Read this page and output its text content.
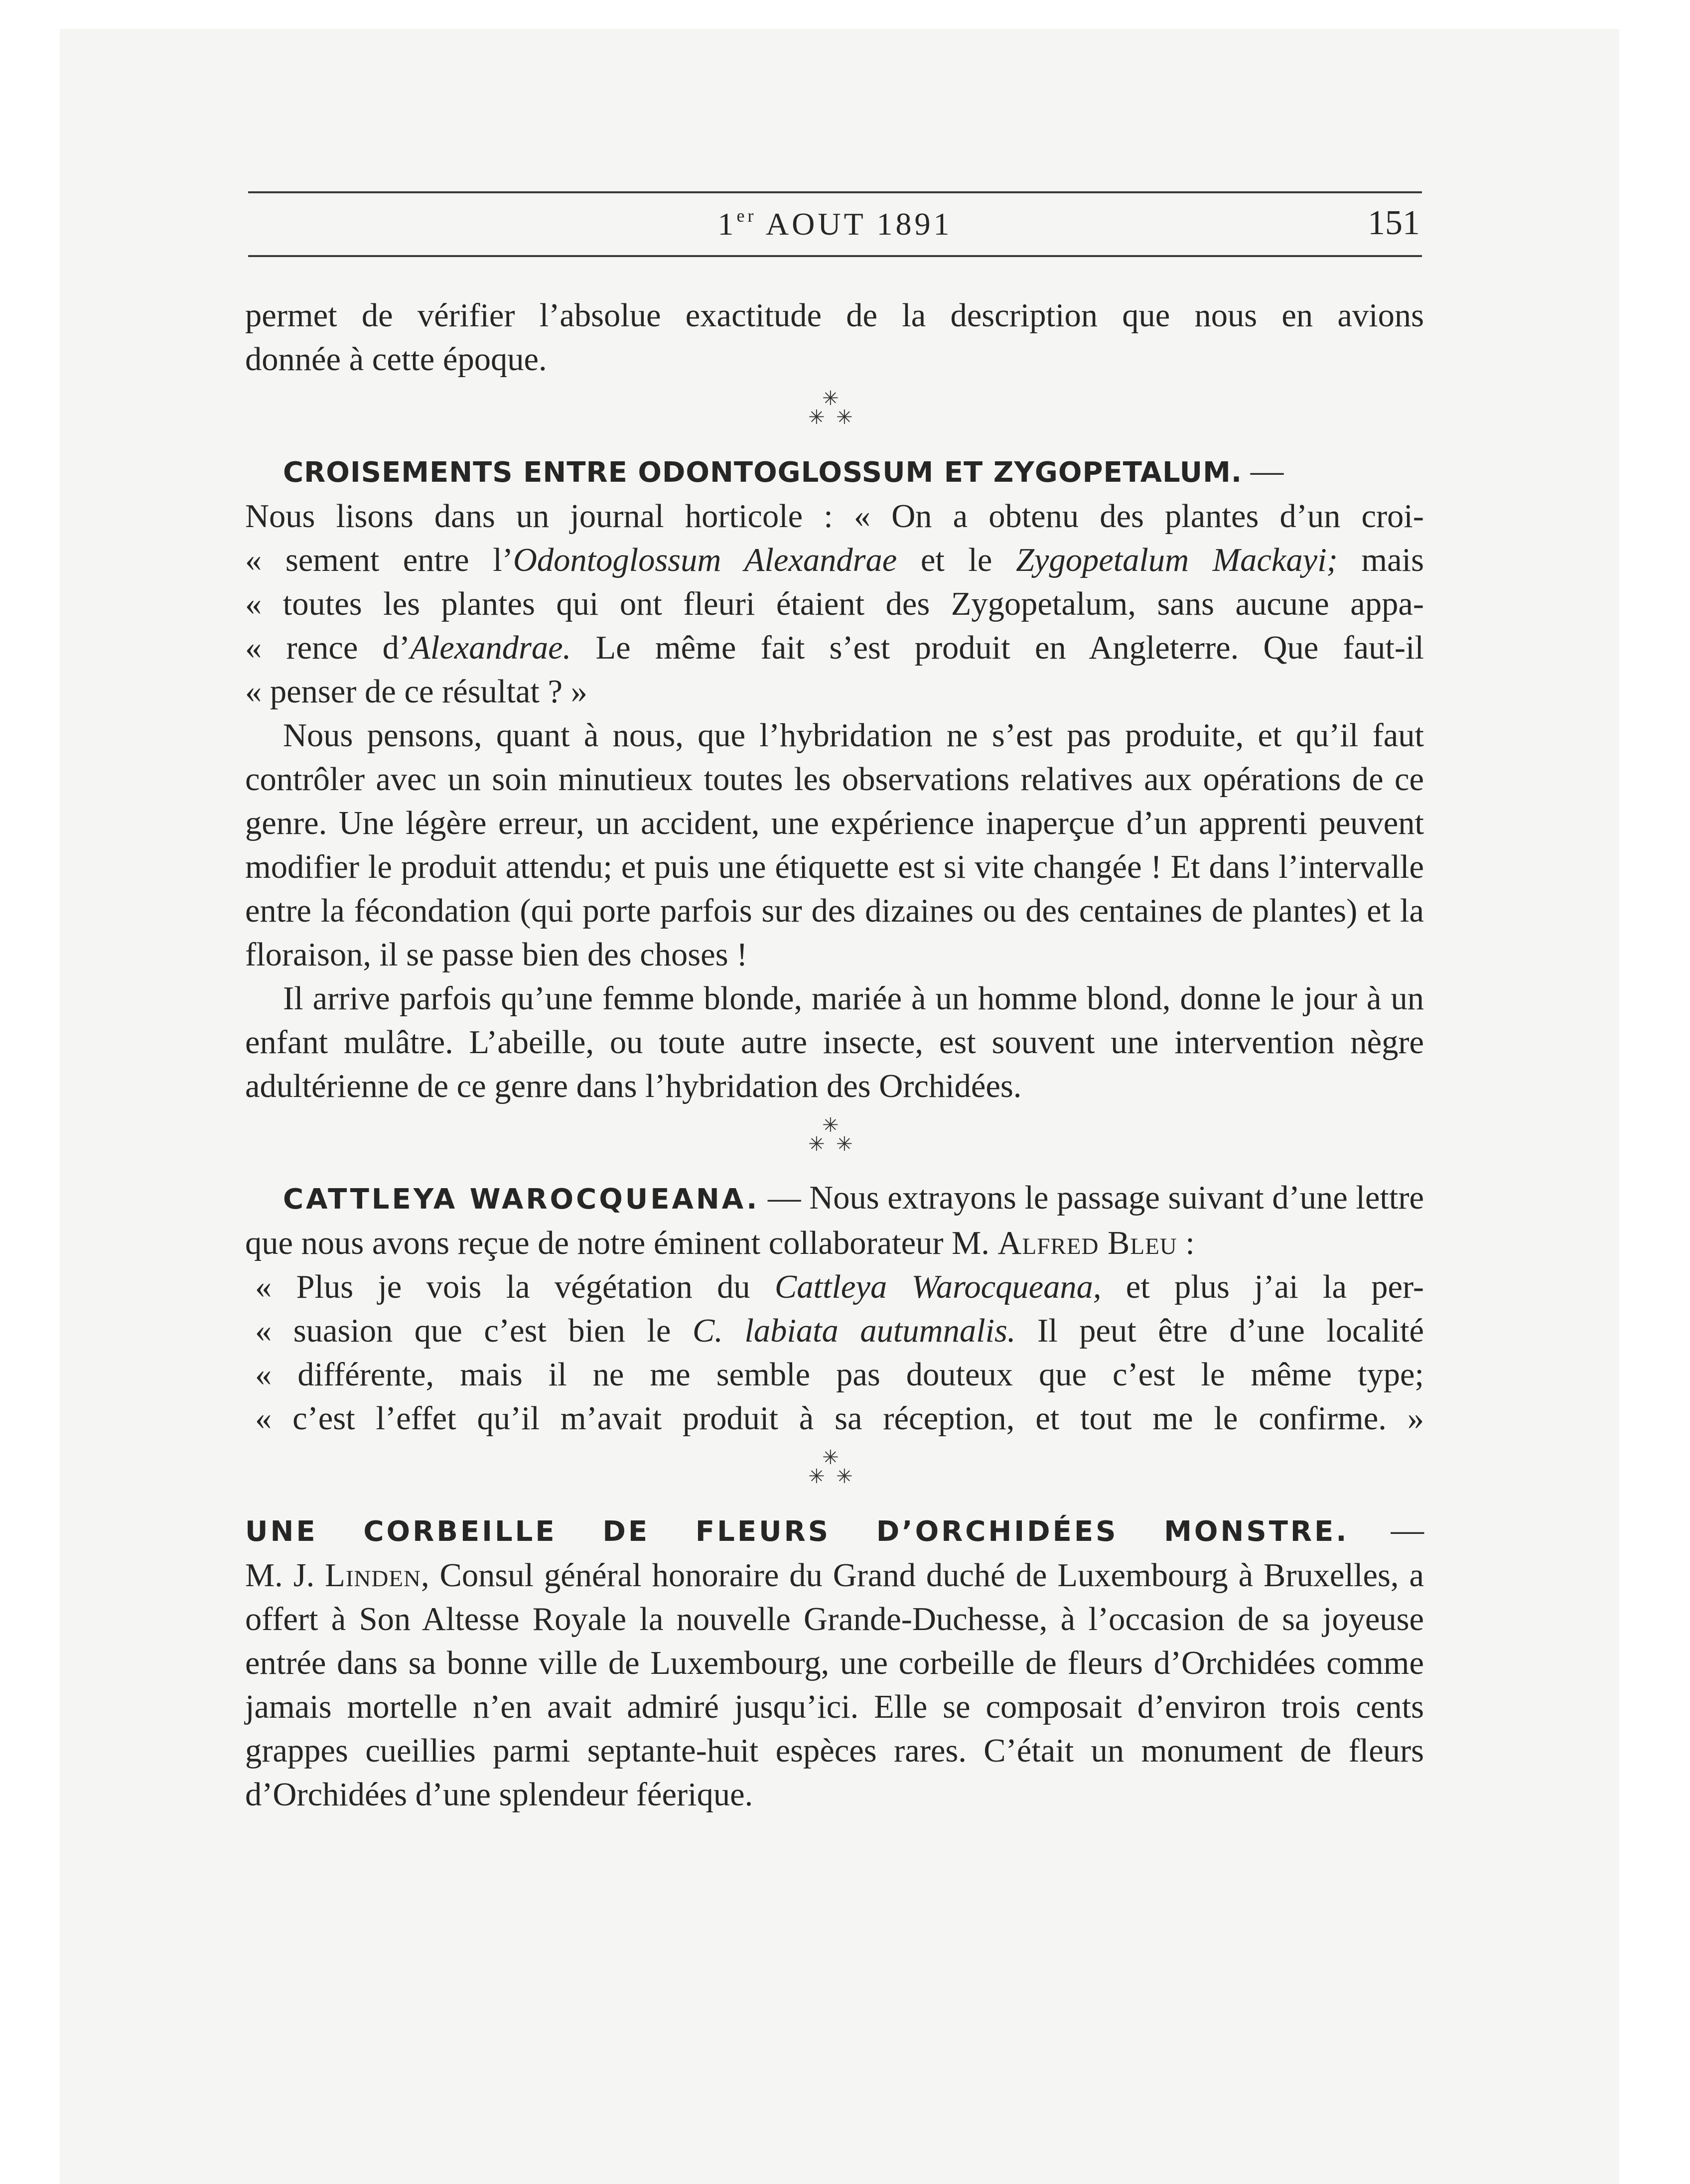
1er AOUT 1891	151

permet de vérifier l’absolue exactitude de la description que nous en avions
donnée à cette époque.

✳
✳ ✳

CROISEMENTS ENTRE ODONTOGLOSSUM ET ZYGOPETALUM. —

Nous lisons dans un journal horticole : « On a obtenu des plantes d’un croi-
« sement entre l’Odontoglossum Alexandrae et le Zygopetalum Mackayi; mais
« toutes les plantes qui ont fleuri étaient des Zygopetalum, sans aucune appa-
« rence d’Alexandrae. Le même fait s’est produit en Angleterre. Que faut-il
« penser de ce résultat ? »

Nous pensons, quant à nous, que l’hybridation ne s’est pas produite, et qu’il faut contrôler avec un soin minutieux toutes les observations relatives aux opérations de ce genre. Une légère erreur, un accident, une expérience inaperçue d’un apprenti peuvent modifier le produit attendu; et puis une étiquette est si vite changée ! Et dans l’intervalle entre la fécondation (qui porte parfois sur des dizaines ou des centaines de plantes) et la floraison, il se passe bien des choses !

Il arrive parfois qu’une femme blonde, mariée à un homme blond, donne le jour à un enfant mulâtre. L’abeille, ou toute autre insecte, est souvent une intervention nègre adultérienne de ce genre dans l’hybridation des Orchidées.

✳
✳ ✳

CATTLEYA WAROCQUEANA. — Nous extrayons le passage suivant d’une lettre que nous avons reçue de notre éminent collaborateur M. Alfred Bleu :

« Plus je vois la végétation du Cattleya Warocqueana, et plus j’ai la per-
« suasion que c’est bien le C. labiata autumnalis. Il peut être d’une localité
« différente, mais il ne me semble pas douteux que c’est le même type;
« c’est l’effet qu’il m’avait produit à sa réception, et tout me le confirme. »

✳
✳ ✳

UNE CORBEILLE DE FLEURS D’ORCHIDÉES MONSTRE. —

M. J. Linden, Consul général honoraire du Grand duché de Luxembourg à Bruxelles, a offert à Son Altesse Royale la nouvelle Grande-Duchesse, à l’occasion de sa joyeuse entrée dans sa bonne ville de Luxembourg, une corbeille de fleurs d’Orchidées comme jamais mortelle n’en avait admiré jusqu’ici. Elle se composait d’environ trois cents grappes cueillies parmi septante-huit espèces rares. C’était un monument de fleurs d’Orchidées d’une splendeur féerique.
